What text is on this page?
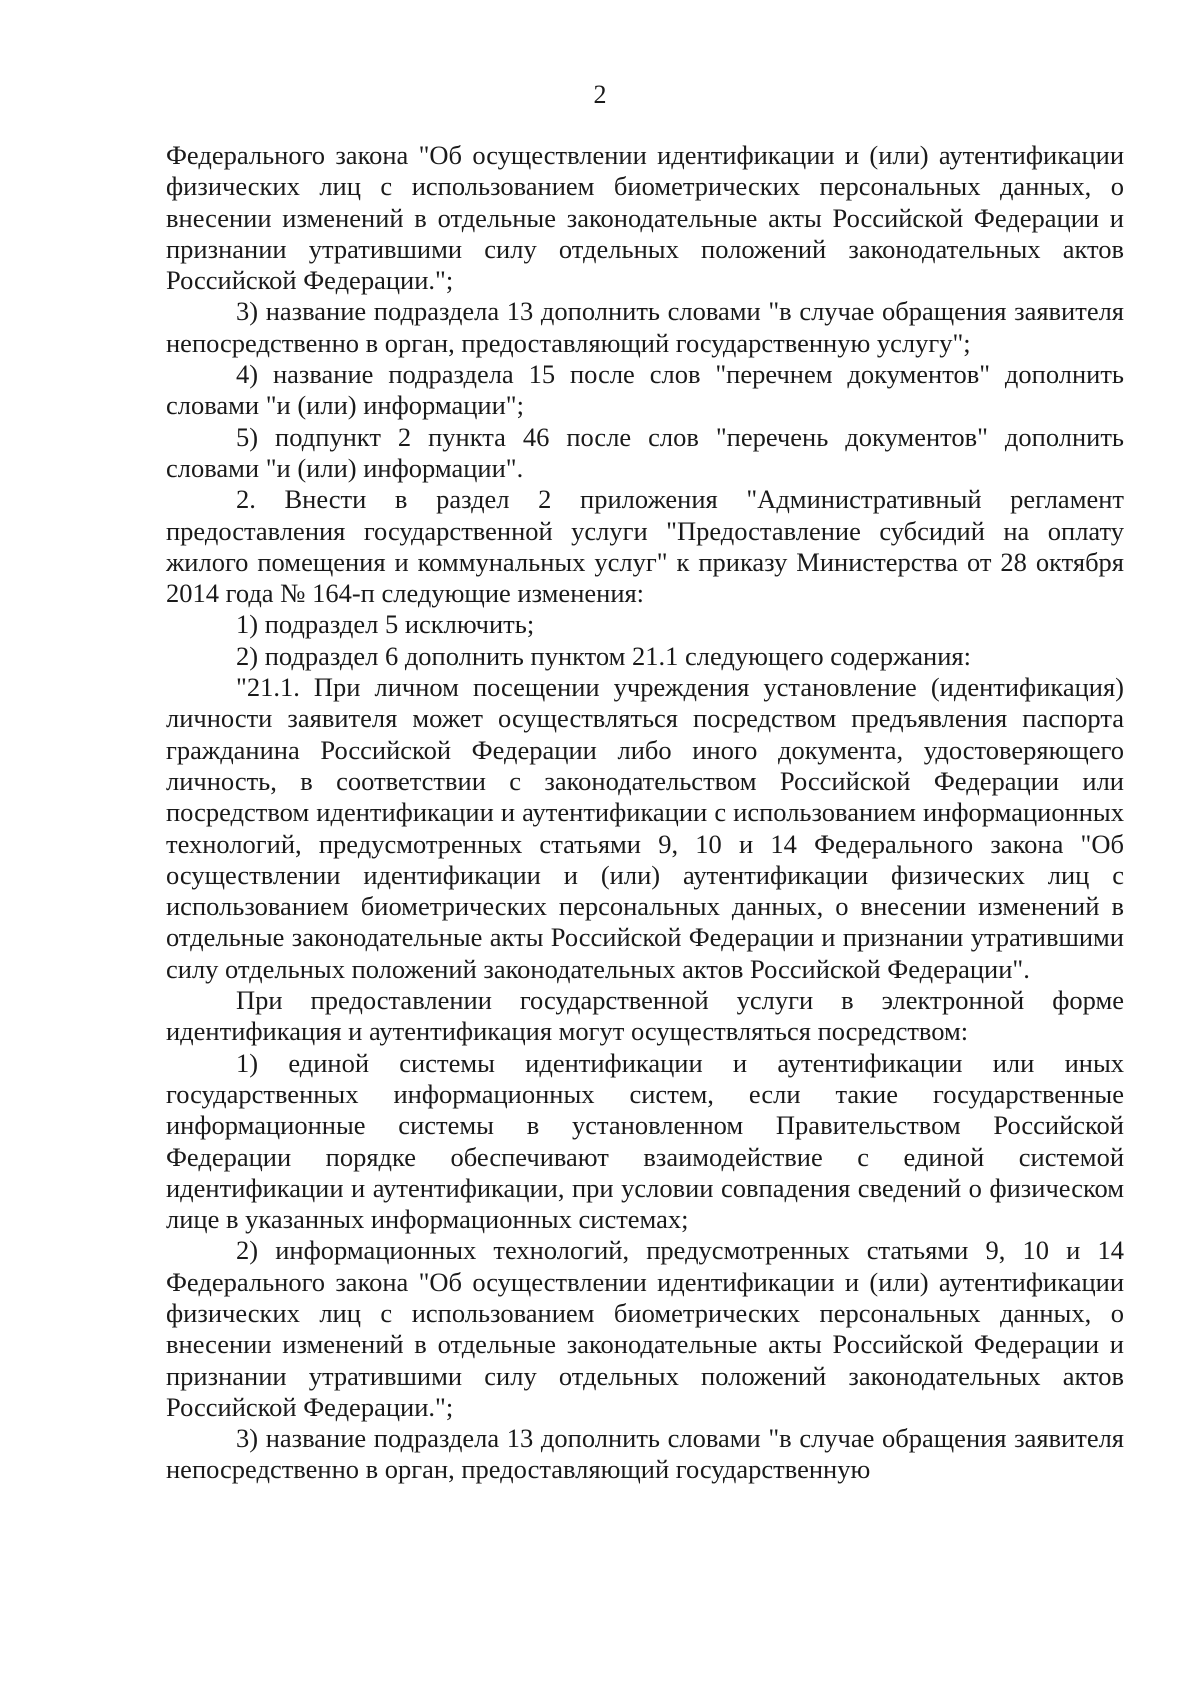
2

Федерального закона "Об осуществлении идентификации и (или) аутентификации физических лиц с использованием биометрических персональных данных, о внесении изменений в отдельные законодательные акты Российской Федерации и признании утратившими силу отдельных положений законодательных актов Российской Федерации.";

3) название подраздела 13 дополнить словами "в случае обращения заявителя непосредственно в орган, предоставляющий государственную услугу";

4) название подраздела 15 после слов "перечнем документов" дополнить словами "и (или) информации";

5) подпункт 2 пункта 46 после слов "перечень документов" дополнить словами "и (или) информации".

2. Внести в раздел 2 приложения "Административный регламент предоставления государственной услуги "Предоставление субсидий на оплату жилого помещения и коммунальных услуг" к приказу Министерства от 28 октября 2014 года № 164-п следующие изменения:

1) подраздел 5 исключить;

2) подраздел 6 дополнить пунктом 21.1 следующего содержания:

"21.1. При личном посещении учреждения установление (идентификация) личности заявителя может осуществляться посредством предъявления паспорта гражданина Российской Федерации либо иного документа, удостоверяющего личность, в соответствии с законодательством Российской Федерации или посредством идентификации и аутентификации с использованием информационных технологий, предусмотренных статьями 9, 10 и 14 Федерального закона "Об осуществлении идентификации и (или) аутентификации физических лиц с использованием биометрических персональных данных, о внесении изменений в отдельные законодательные акты Российской Федерации и признании утратившими силу отдельных положений законодательных актов Российской Федерации".

При предоставлении государственной услуги в электронной форме идентификация и аутентификация могут осуществляться посредством:

1) единой системы идентификации и аутентификации или иных государственных информационных систем, если такие государственные информационные системы в установленном Правительством Российской Федерации порядке обеспечивают взаимодействие с единой системой идентификации и аутентификации, при условии совпадения сведений о физическом лице в указанных информационных системах;

2) информационных технологий, предусмотренных статьями 9, 10 и 14 Федерального закона "Об осуществлении идентификации и (или) аутентификации физических лиц с использованием биометрических персональных данных, о внесении изменений в отдельные законодательные акты Российской Федерации и признании утратившими силу отдельных положений законодательных актов Российской Федерации.";

3) название подраздела 13 дополнить словами "в случае обращения заявителя непосредственно в орган, предоставляющий государственную
